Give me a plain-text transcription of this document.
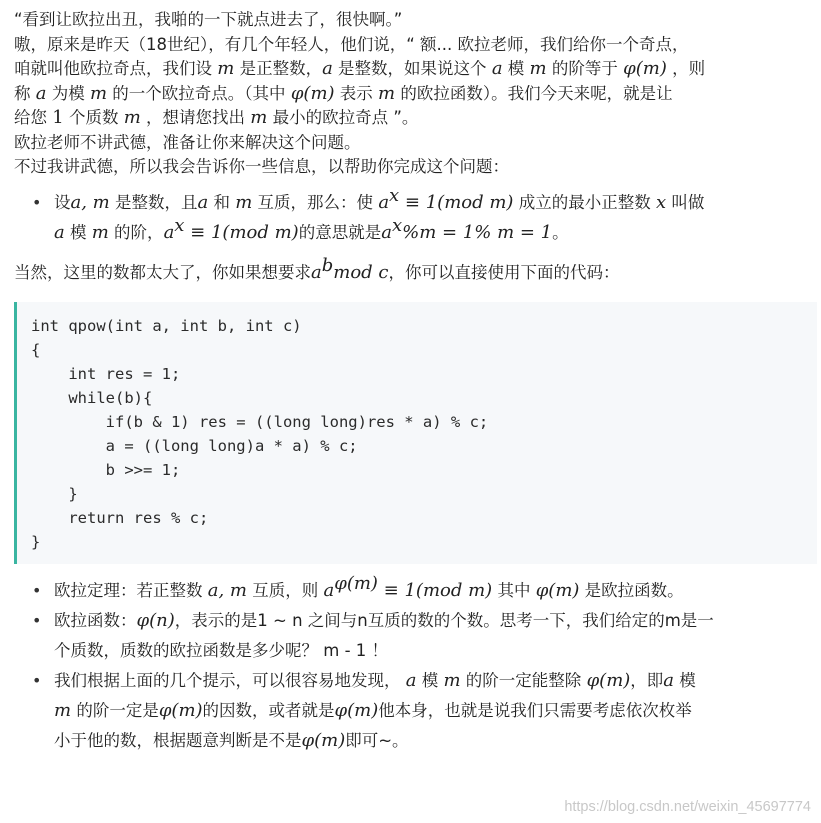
“看到让欧拉出丑，我啪的一下就点进去了，很快啊。”
嗷，原来是昨天（18世纪），有几个年轻人，他们说，“ 额... 欧拉老师，我们给你一个奇点，
咱就叫他欧拉奇点，我们设 m 是正整数，a 是整数，如果说这个 a 模 m 的阶等于 φ(m) ，则
称 a 为模 m 的一个欧拉奇点。（其中 φ(m) 表示 m 的欧拉函数）。我们今天来呢，就是让
给您 1 个质数 m ，想请您找出 m 最小的欧拉奇点 ”。
欧拉老师不讲武德，准备让你来解决这个问题。
不过我讲武德，所以我会告诉你一些信息，以帮助你完成这个问题：
• 设a, m 是整数，且a 和 m 互质，那么：使 $a^x \equiv 1(mod$ m) 成立的最小正整数 x 叫做
a 模 m 的阶，$a^x \equiv 1(mod$ m)的意思就是$a^x\%m = 1\%$ m = 1。
当然，这里的数都太大了，你如果想要求$a^bmod$ c，你可以直接使用下面的代码：
int qpow(int a, int b, int c)
{
int res = 1;
while(b){
if(b & 1) res = ((long long)res * a) % c;
a = ((long long)a * a) % c;
b >>= 1;
}
return res % c;
}
• 欧拉定理：若正整数 a, m 互质，则 $a^{\varphi(m)} \equiv 1(mod$ m) 其中 φ(m) 是欧拉函数。
• 欧拉函数：φ(n)，表示的是1 ~ n 之间与n互质的数的个数。思考一下，我们给定的m是一
个质数，质数的欧拉函数是多少呢？ m - 1 ！
• 我们根据上面的几个提示，可以很容易地发现， a 模 m 的阶一定能整除 φ(m)，即a 模
m 的阶一定是φ(m)的因数，或者就是φ(m)他本身，也就是说我们只需要考虑依次枚举
小于他的数，根据题意判断是不是φ(m)即可~。
https://blog.csdn.net/weixin_45697774
